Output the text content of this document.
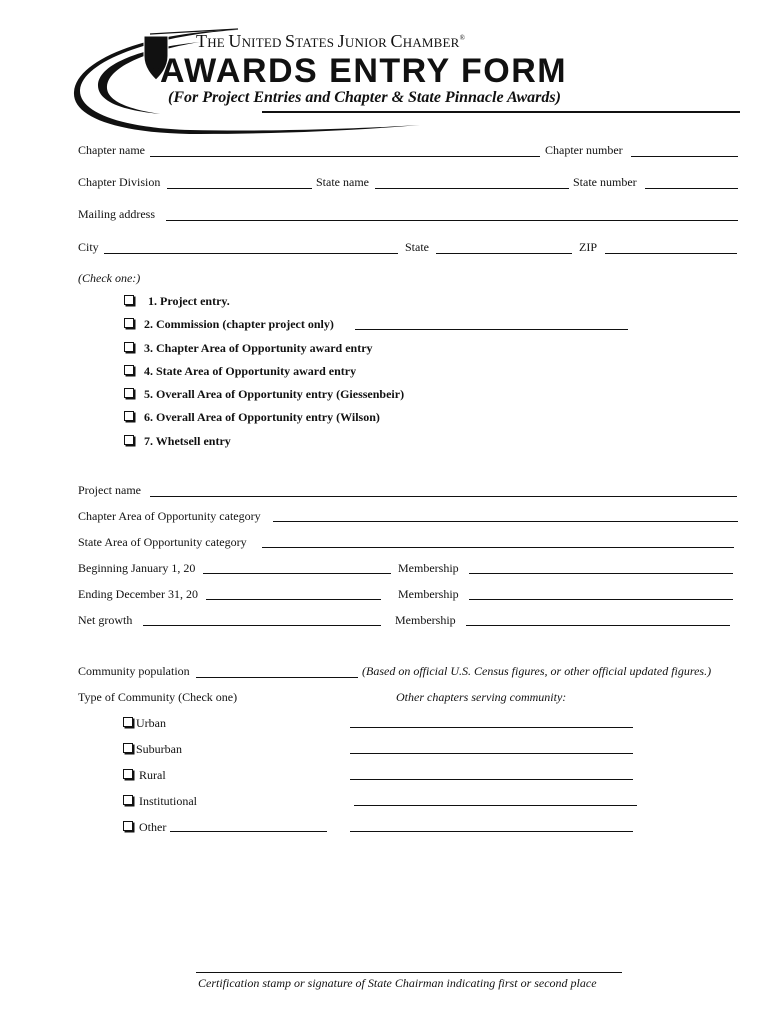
THE UNITED STATES JUNIOR CHAMBER®
AWARDS ENTRY FORM
(For Project Entries and Chapter & State Pinnacle Awards)
Chapter name	Chapter number
Chapter Division	State name	State number
Mailing address
City	State	ZIP
(Check one:)
1. Project entry.
2. Commission (chapter project only)
3. Chapter Area of Opportunity award entry
4. State Area of Opportunity award entry
5. Overall Area of Opportunity entry (Giessenbeir)
6. Overall Area of Opportunity entry (Wilson)
7. Whetsell entry
Project name
Chapter Area of Opportunity category
State Area of Opportunity category
Beginning January 1, 20	Membership
Ending December 31, 20	Membership
Net growth	Membership
Community population	(Based on official U.S. Census figures, or other official updated figures.)
Type of Community (Check one)	Other chapters serving community:
Urban
Suburban
Rural
Institutional
Other
Certification stamp or signature of State Chairman indicating first or second place
